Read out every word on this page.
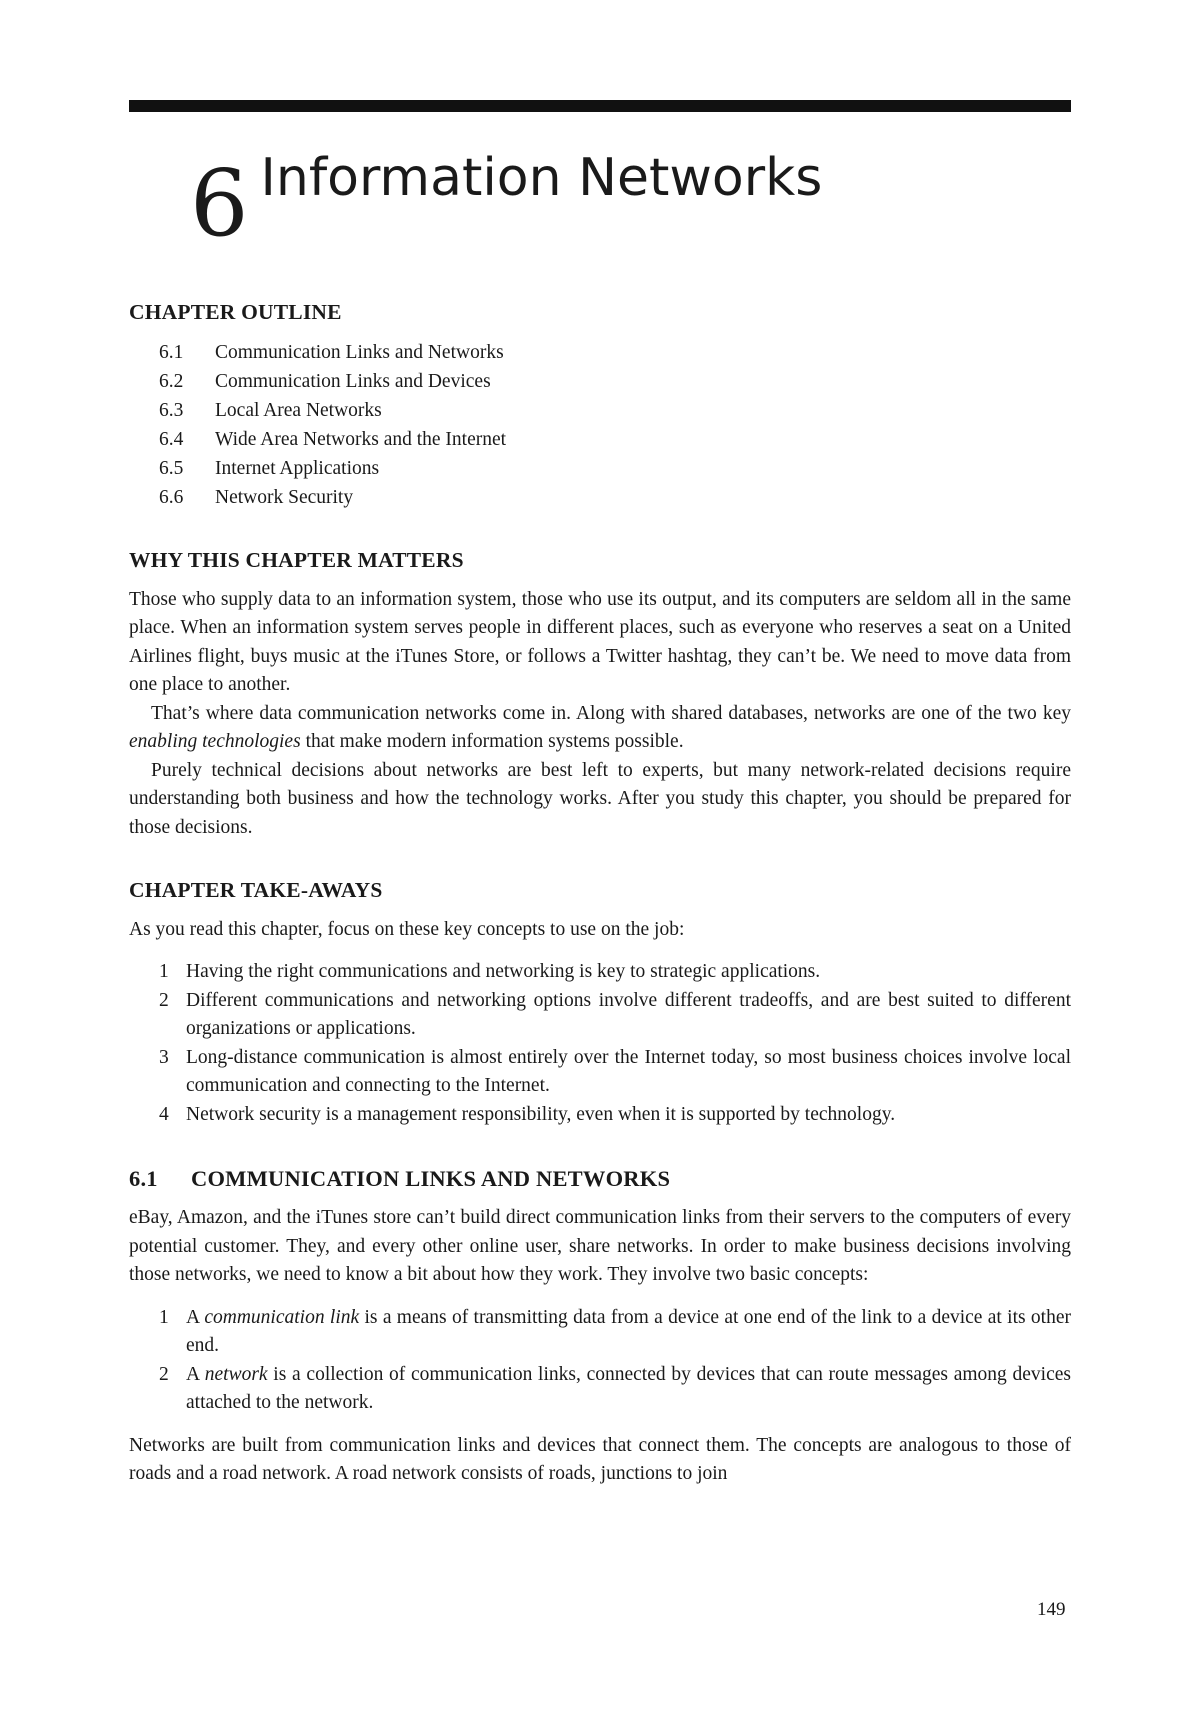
6 Information Networks
CHAPTER OUTLINE
6.1	Communication Links and Networks
6.2	Communication Links and Devices
6.3	Local Area Networks
6.4	Wide Area Networks and the Internet
6.5	Internet Applications
6.6	Network Security
WHY THIS CHAPTER MATTERS

Those who supply data to an information system, those who use its output, and its computers are seldom all in the same place. When an information system serves people in different places, such as everyone who reserves a seat on a United Airlines flight, buys music at the iTunes Store, or follows a Twitter hashtag, they can’t be. We need to move data from one place to another.

That’s where data communication networks come in. Along with shared databases, networks are one of the two key enabling technologies that make modern information systems possible.

Purely technical decisions about networks are best left to experts, but many network-related decisions require understanding both business and how the technology works. After you study this chapter, you should be prepared for those decisions.

CHAPTER TAKE-AWAYS

As you read this chapter, focus on these key concepts to use on the job:

1 Having the right communications and networking is key to strategic applications.
2 Different communications and networking options involve different tradeoffs, and are best suited to different organizations or applications.
3 Long-distance communication is almost entirely over the Internet today, so most business choices involve local communication and connecting to the Internet.
4 Network security is a management responsibility, even when it is supported by technology.
6.1 COMMUNICATION LINKS AND NETWORKS

eBay, Amazon, and the iTunes store can’t build direct communication links from their servers to the computers of every potential customer. They, and every other online user, share networks. In order to make business decisions involving those networks, we need to know a bit about how they work. They involve two basic concepts:

1 A communication link is a means of transmitting data from a device at one end of the link to a device at its other end.
2 A network is a collection of communication links, connected by devices that can route messages among devices attached to the network.

Networks are built from communication links and devices that connect them. The concepts are analogous to those of roads and a road network. A road network consists of roads, junctions to join

149
